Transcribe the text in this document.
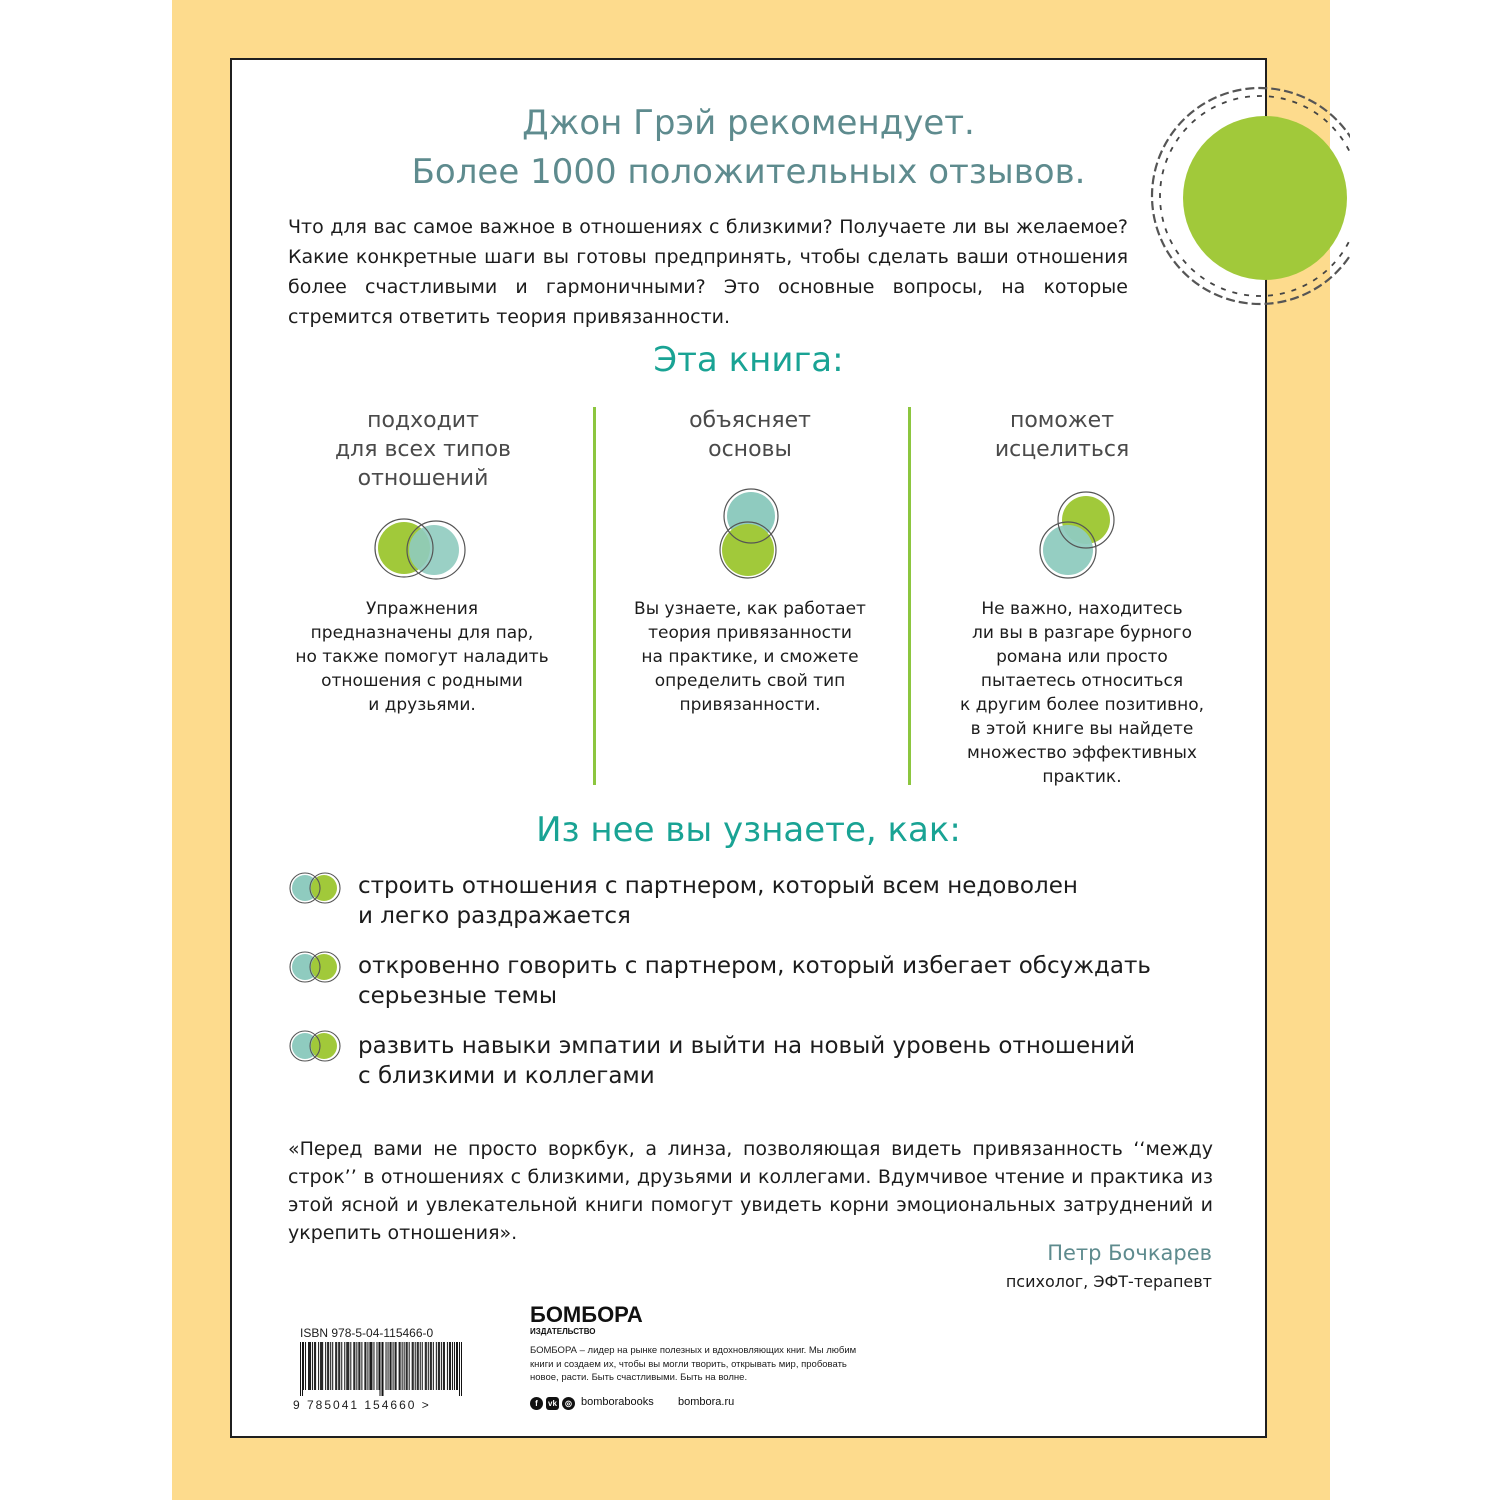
Джон Грэй рекомендует.
Более 1000 положительных отзывов.
Что для вас самое важное в отношениях с близкими? Получаете ли вы желаемое? Какие конкретные шаги вы готовы предпринять, чтобы сделать ваши отношения более счастливыми и гармоничными? Это основные вопросы, на которые стремится ответить теория привязанности.
Эта книга:
подходит
для всех типов
отношений
Упражнения
предназначены для пар,
но также помогут наладить
отношения с родными
и друзьями.
объясняет
основы
Вы узнаете, как работает
теория привязанности
на практике, и сможете
определить свой тип
привязанности.
поможет
исцелиться
Не важно, находитесь
ли вы в разгаре бурного
романа или просто
пытаетесь относиться
к другим более позитивно,
в этой книге вы найдете
множество эффективных
практик.
Из нее вы узнаете, как:
строить отношения с партнером, который всем недоволен
и легко раздражается
откровенно говорить с партнером, который избегает обсуждать
серьезные темы
развить навыки эмпатии и выйти на новый уровень отношений
с близкими и коллегами
«Перед вами не просто воркбук, а линза, позволяющая видеть привязанность ‘‘между строк’’ в отношениях с близкими, друзьями и коллегами. Вдумчивое чтение и практика из этой ясной и увлекательной книги помогут увидеть корни эмоциональных затруднений и укрепить отношения».
Петр Бочкарев
психолог, ЭФТ-терапевт
ISBN 978-5-04-115466-0
9 785041 154660 >
БОМБОРА
ИЗДАТЕЛЬСТВО
БОМБОРА – лидер на рынке полезных и вдохновляющих книг. Мы любим книги и создаем их, чтобы вы могли творить, открывать мир, пробовать новое, расти. Быть счастливыми. Быть на волне.
f	vk	◎ bomborabooks bombora.ru
